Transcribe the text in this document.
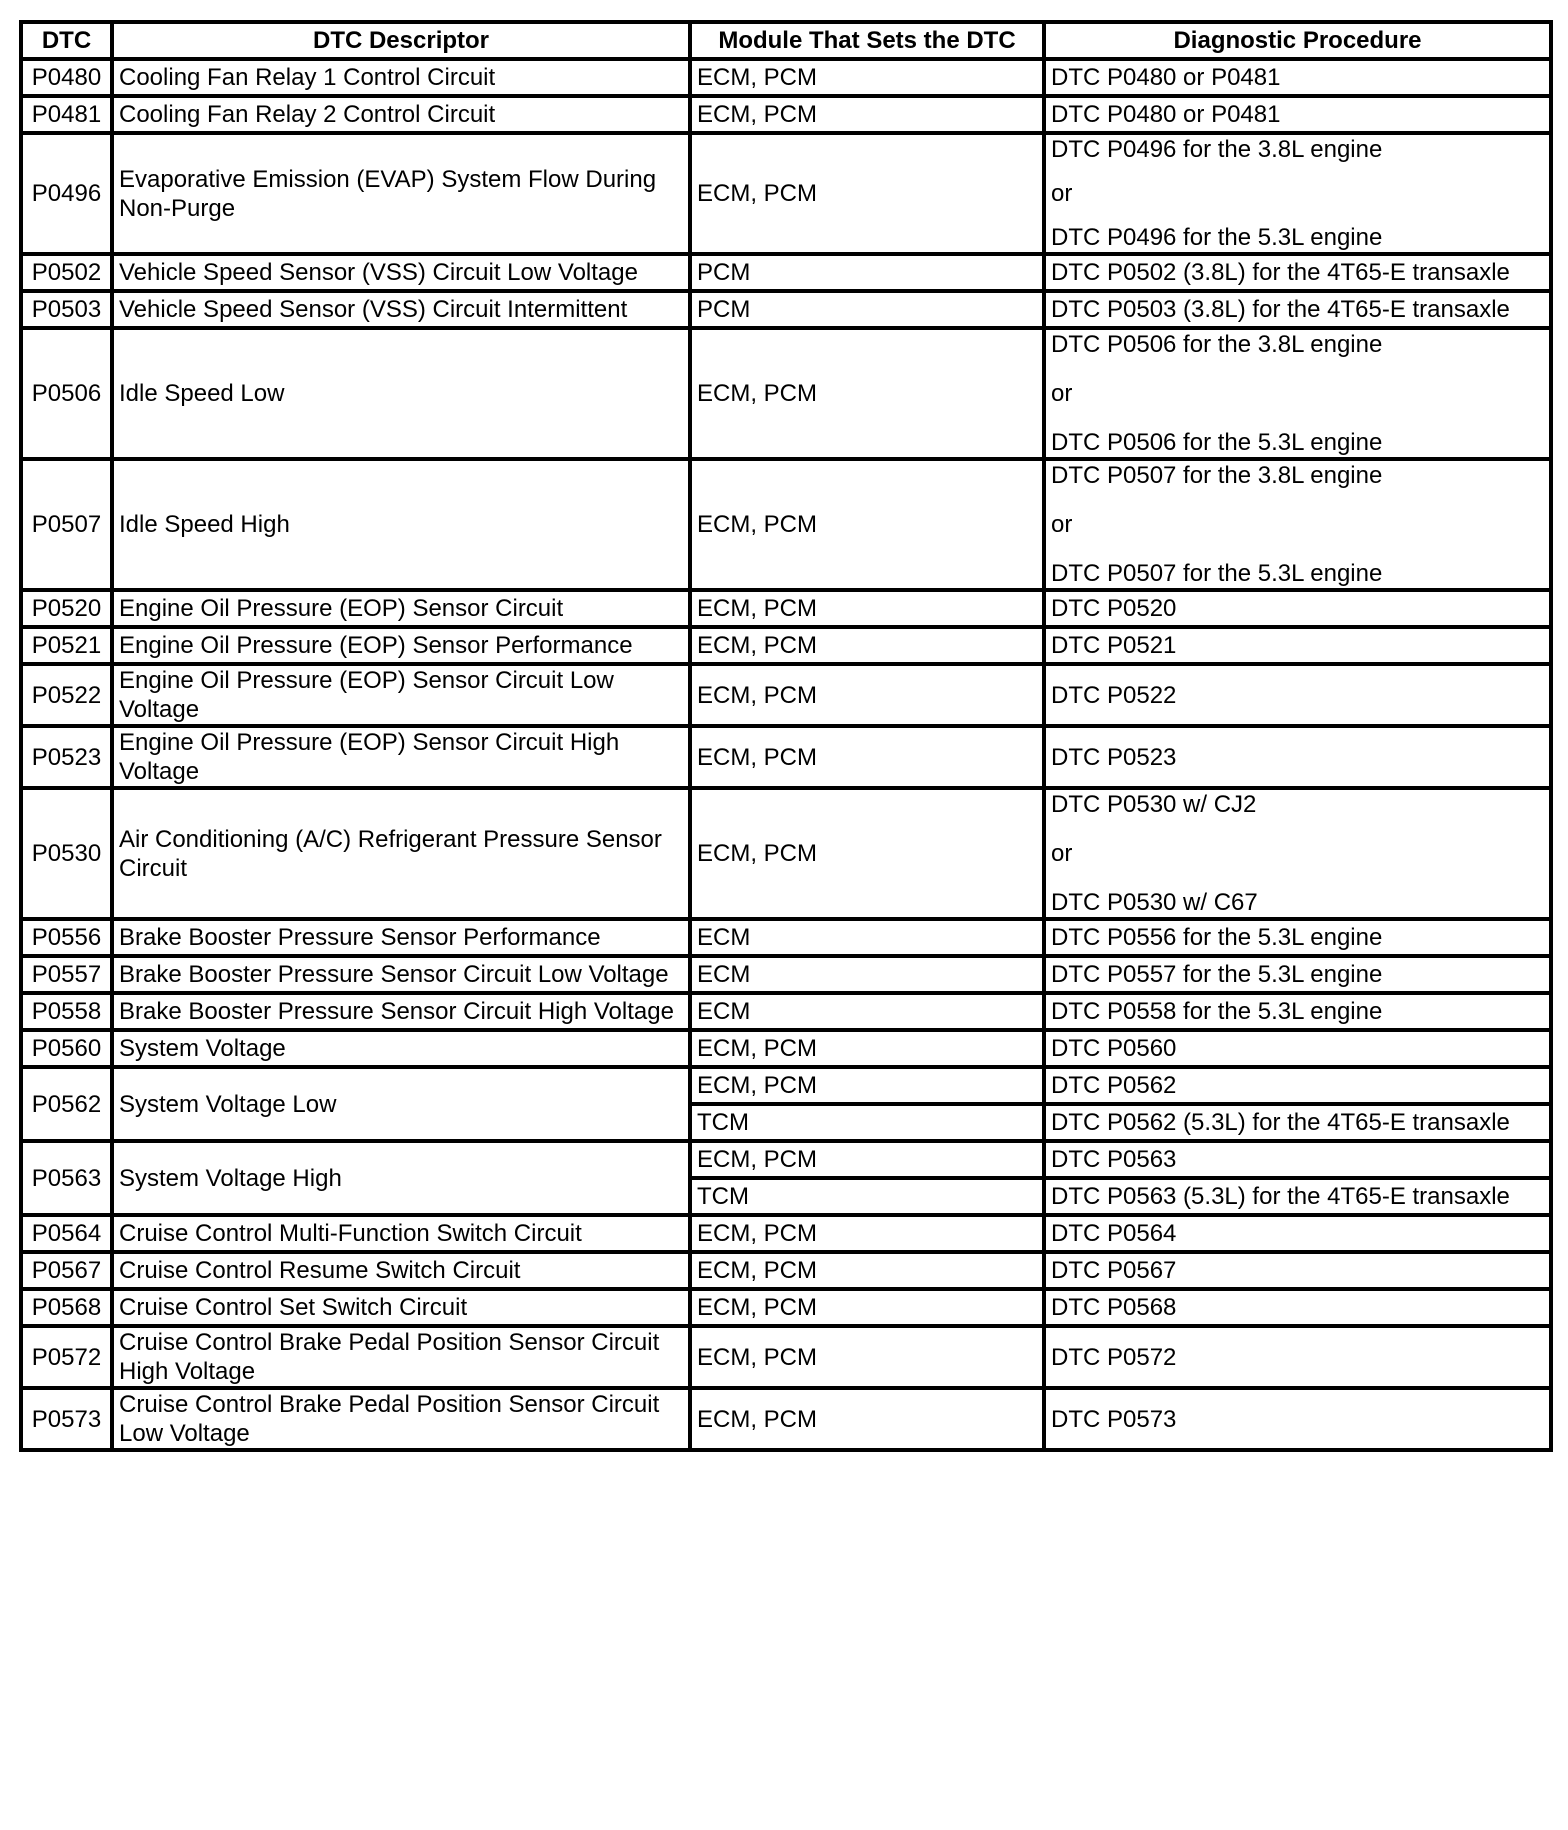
DTC	DTC Descriptor	Module That Sets the DTC	Diagnostic Procedure
P0480	Cooling Fan Relay 1 Control Circuit	ECM, PCM	DTC P0480 or P0481
P0481	Cooling Fan Relay 2 Control Circuit	ECM, PCM	DTC P0480 or P0481
P0496	Evaporative Emission (EVAP) System Flow During Non-Purge	ECM, PCM	DTC P0496 for the 3.8L engine
or
DTC P0496 for the 5.3L engine

P0502	Vehicle Speed Sensor (VSS) Circuit Low Voltage	PCM	DTC P0502 (3.8L) for the 4T65-E transaxle
P0503	Vehicle Speed Sensor (VSS) Circuit Intermittent	PCM	DTC P0503 (3.8L) for the 4T65-E transaxle
P0506	Idle Speed Low	ECM, PCM	DTC P0506 for the 3.8L engine
or
DTC P0506 for the 5.3L engine

P0507	Idle Speed High	ECM, PCM	DTC P0507 for the 3.8L engine
or
DTC P0507 for the 5.3L engine

P0520	Engine Oil Pressure (EOP) Sensor Circuit	ECM, PCM	DTC P0520
P0521	Engine Oil Pressure (EOP) Sensor Performance	ECM, PCM	DTC P0521
P0522	Engine Oil Pressure (EOP) Sensor Circuit Low Voltage	ECM, PCM	DTC P0522
P0523	Engine Oil Pressure (EOP) Sensor Circuit High Voltage	ECM, PCM	DTC P0523
P0530	Air Conditioning (A/C) Refrigerant Pressure Sensor Circuit	ECM, PCM	DTC P0530 w/ CJ2
or
DTC P0530 w/ C67

P0556	Brake Booster Pressure Sensor Performance	ECM	DTC P0556 for the 5.3L engine
P0557	Brake Booster Pressure Sensor Circuit Low Voltage	ECM	DTC P0557 for the 5.3L engine
P0558	Brake Booster Pressure Sensor Circuit High Voltage	ECM	DTC P0558 for the 5.3L engine
P0560	System Voltage	ECM, PCM	DTC P0560
P0562	System Voltage Low	ECM, PCM	DTC P0562
		TCM	DTC P0562 (5.3L) for the 4T65-E transaxle
P0563	System Voltage High	ECM, PCM	DTC P0563
		TCM	DTC P0563 (5.3L) for the 4T65-E transaxle
P0564	Cruise Control Multi-Function Switch Circuit	ECM, PCM	DTC P0564
P0567	Cruise Control Resume Switch Circuit	ECM, PCM	DTC P0567
P0568	Cruise Control Set Switch Circuit	ECM, PCM	DTC P0568
P0572	Cruise Control Brake Pedal Position Sensor Circuit High Voltage	ECM, PCM	DTC P0572
P0573	Cruise Control Brake Pedal Position Sensor Circuit Low Voltage	ECM, PCM	DTC P0573
